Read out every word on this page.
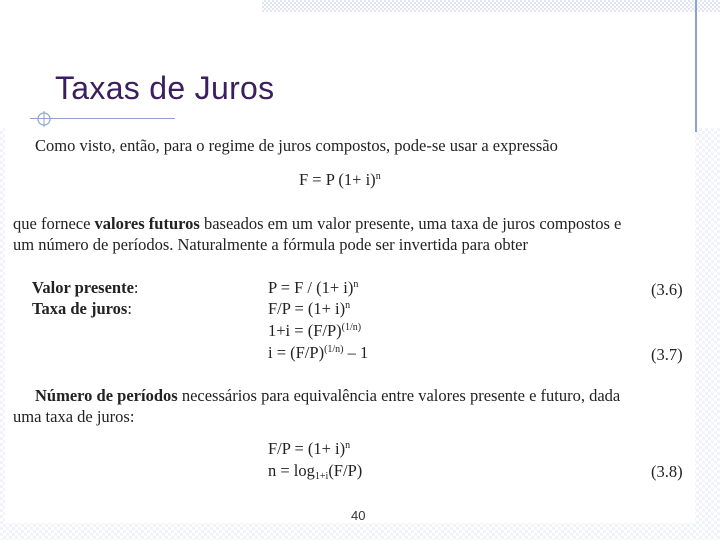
Taxas de Juros
Como visto, então, para o regime de juros compostos, pode-se usar a expressão
F = P $(1+ i)^n$
que fornece valores futuros baseados em um valor presente, uma taxa de juros compostos e
um número de períodos. Naturalmente a fórmula pode ser invertida para obter
Valor presente:
Taxa de juros:
$P = F / (1+ i)^n$
$F/P = (1+ i)^n$
$1+i = (F/P)^{(1/n)}$
$i = (F/P)^{(1/n)} - 1$
(3.6)
(3.7)
Número de períodos necessários para equivalência entre valores presente e futuro, dada
uma taxa de juros:
$F/P = (1+ i)^n$
$n = \log_{1+i}(F/P)$	(3.8)
40
